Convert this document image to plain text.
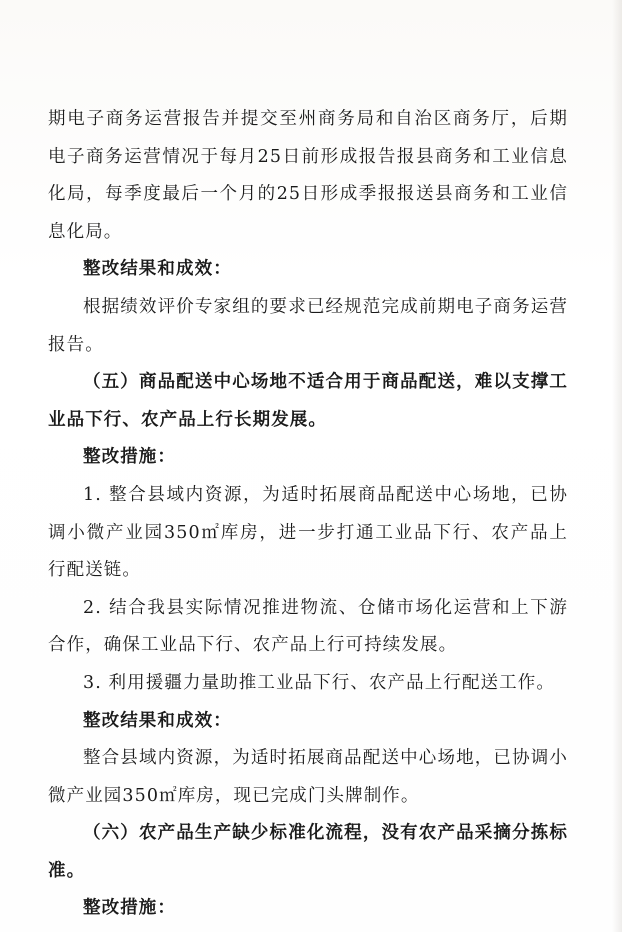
期电子商务运营报告并提交至州商务局和自治区商务厅，后期电子商务运营情况于每月25日前形成报告报县商务和工业信息化局，每季度最后一个月的25日形成季报报送县商务和工业信息化局。

整改结果和成效：

根据绩效评价专家组的要求已经规范完成前期电子商务运营报告。

（五）商品配送中心场地不适合用于商品配送，难以支撑工业品下行、农产品上行长期发展。

整改措施：

1. 整合县域内资源，为适时拓展商品配送中心场地，已协调小微产业园350㎡库房，进一步打通工业品下行、农产品上行配送链。

2. 结合我县实际情况推进物流、仓储市场化运营和上下游合作，确保工业品下行、农产品上行可持续发展。

3. 利用援疆力量助推工业品下行、农产品上行配送工作。

整改结果和成效：

整合县域内资源，为适时拓展商品配送中心场地，已协调小微产业园350㎡库房，现已完成门头牌制作。

（六）农产品生产缺少标准化流程，没有农产品采摘分拣标准。

整改措施：
